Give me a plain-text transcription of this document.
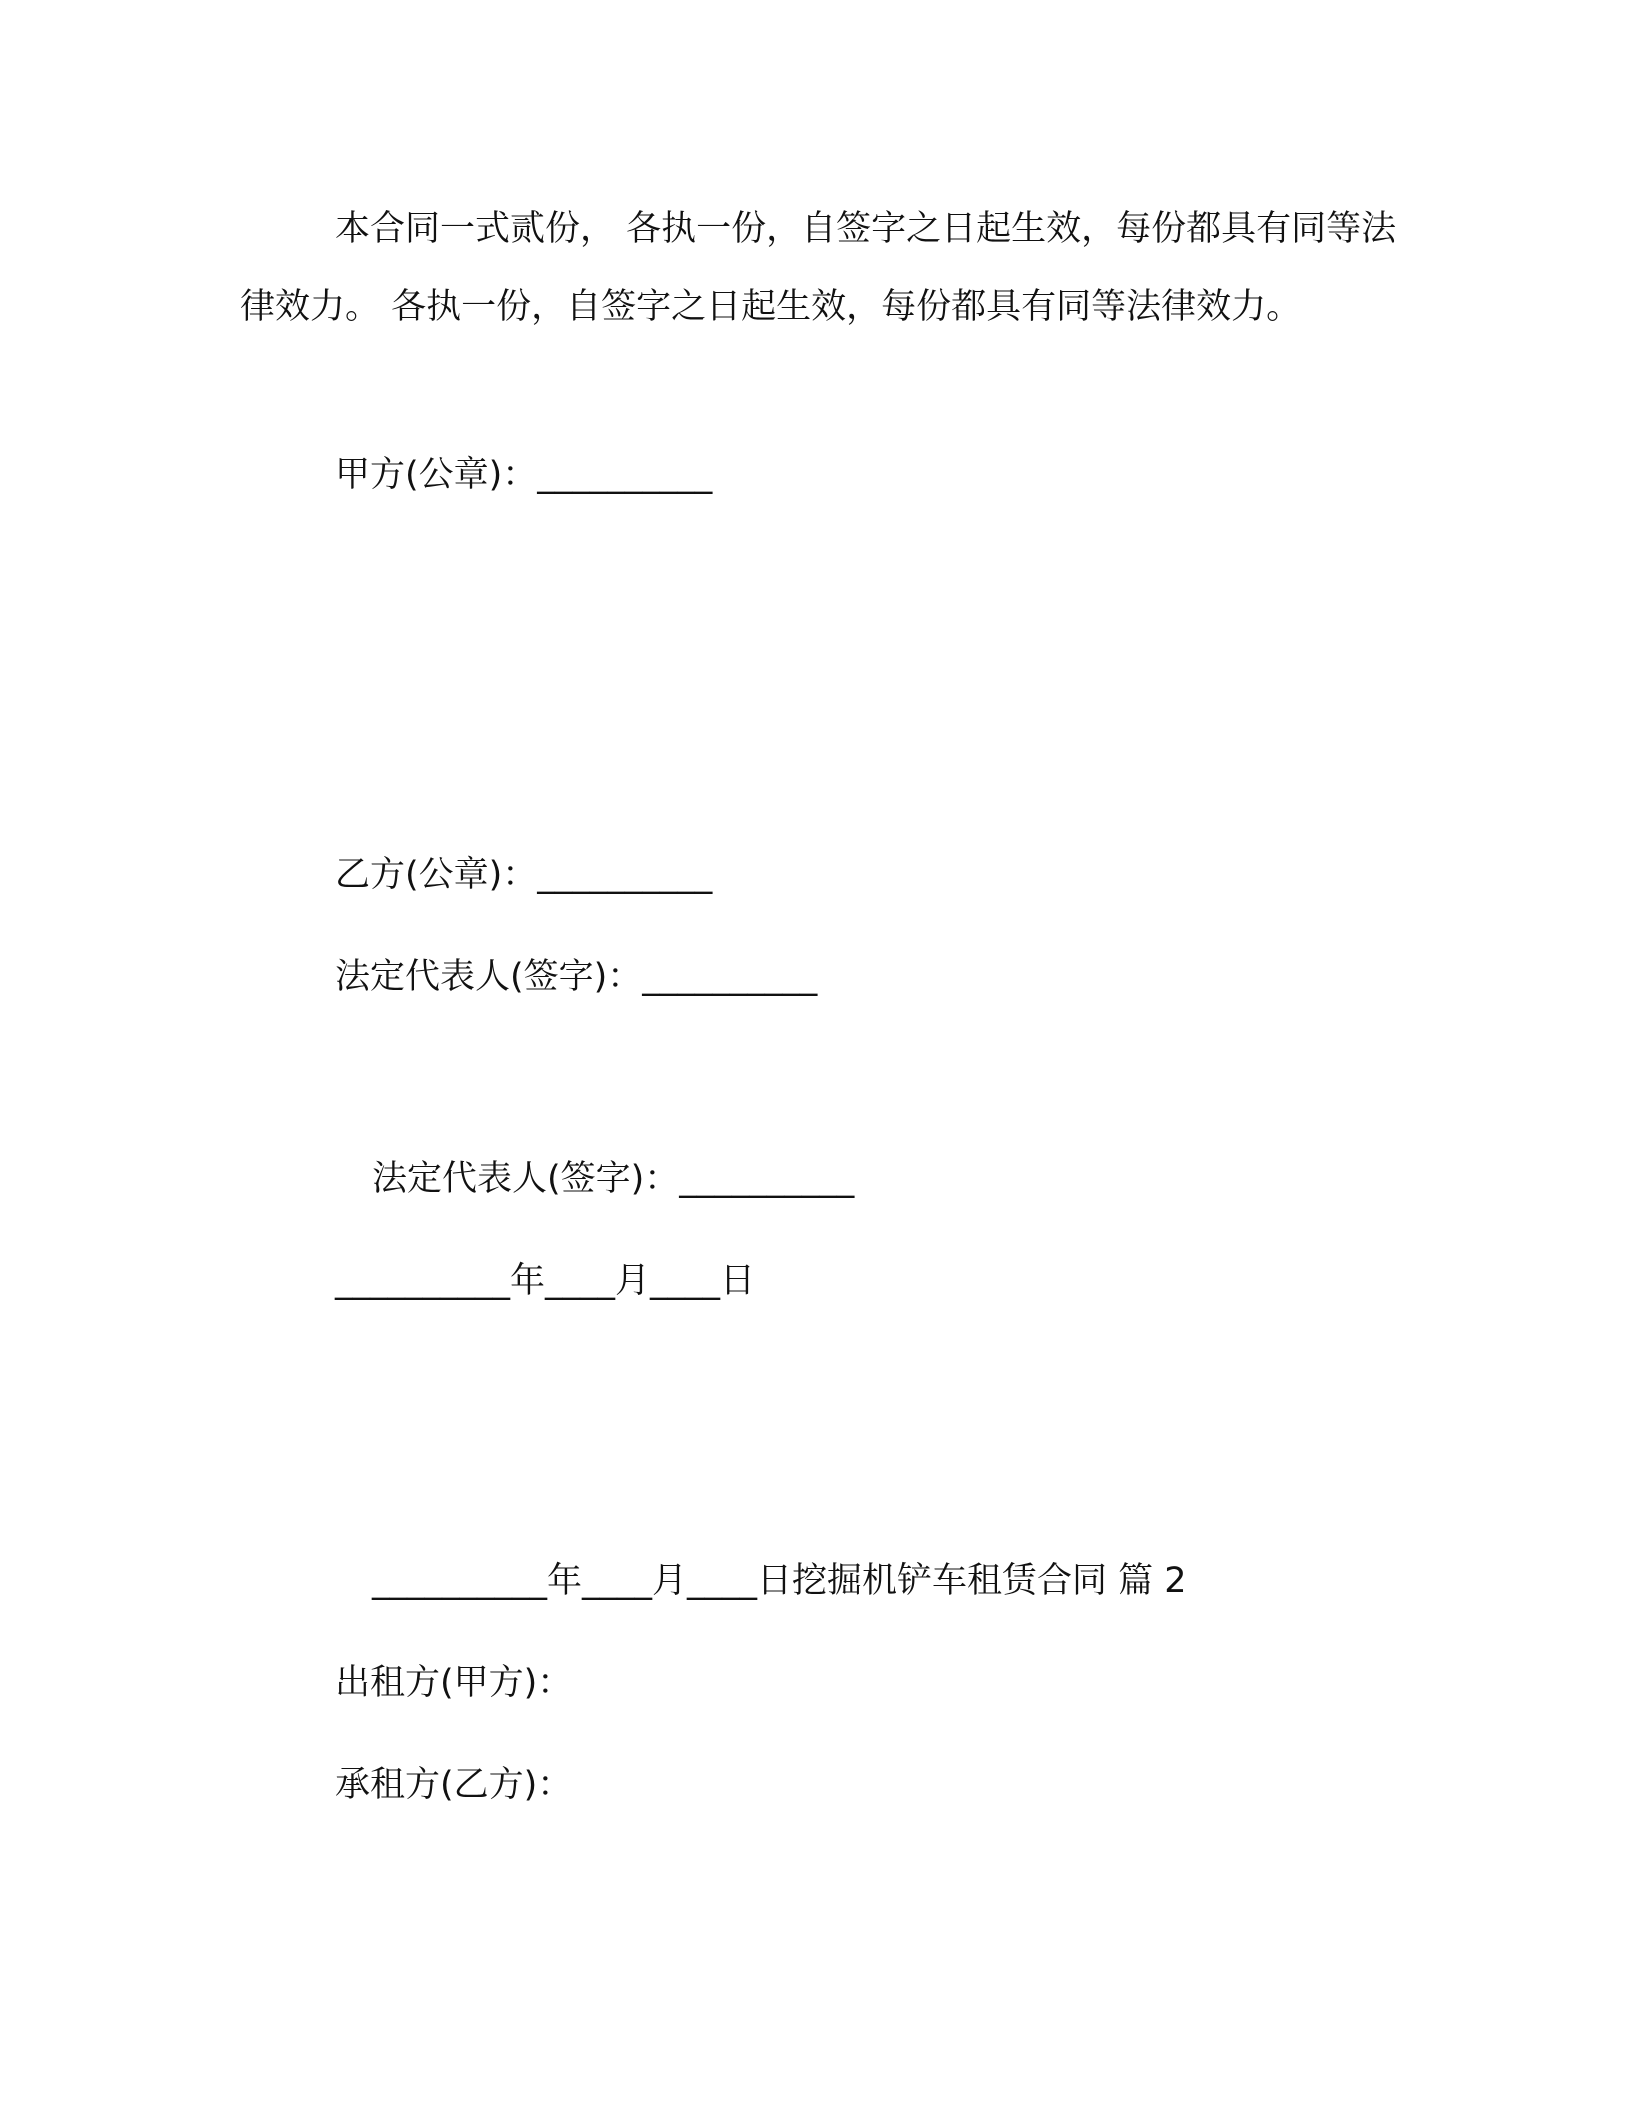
本合同一式贰份， 各执一份，自签字之日起生效，每份都具有同等法律效力。 各执一份，自签字之日起生效，每份都具有同等法律效力。
甲方(公章)：__________
乙方(公章)：__________
法定代表人(签字)：__________
法定代表人(签字)：__________
__________年____月____日
__________年____月____日挖掘机铲车租赁合同 篇 2
出租方(甲方)：
承租方(乙方)：
